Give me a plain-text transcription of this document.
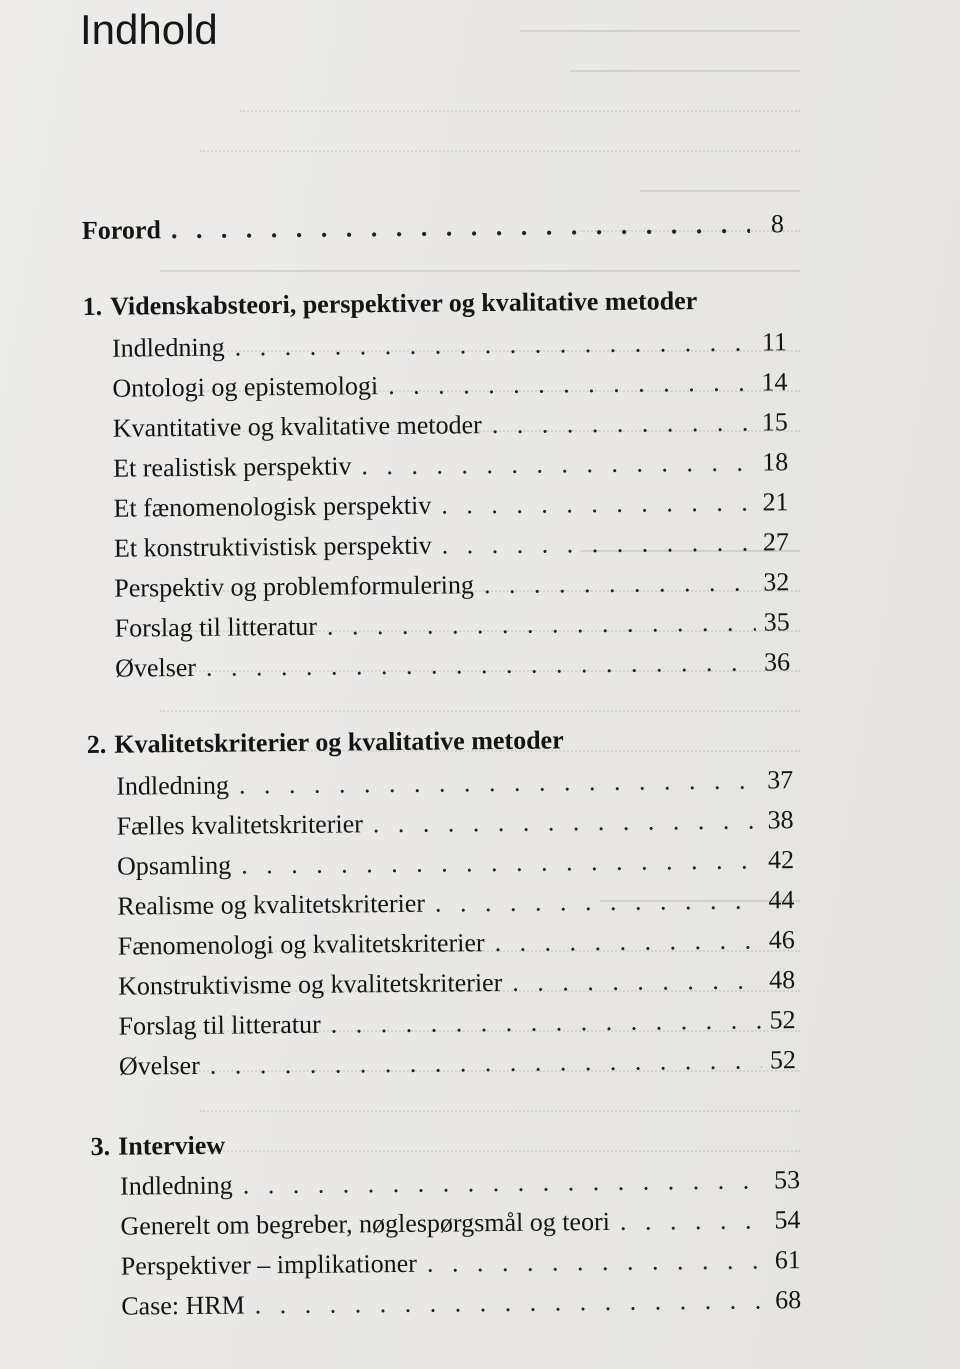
Indhold
Forord . . .	8
1. Videnskabsteori, perspektiver og kvalitative metoder
Indledning . . .	11
Ontologi og epistemologi . . .	14
Kvantitative og kvalitative metoder . . .	15
Et realistisk perspektiv . . .	18
Et fænomenologisk perspektiv . . .	21
Et konstruktivistisk perspektiv . . .	27
Perspektiv og problemformulering . . .	32
Forslag til litteratur . . .	35
Øvelser . . .	36
2. Kvalitetskriterier og kvalitative metoder
Indledning . . .	37
Fælles kvalitetskriterier . . .	38
Opsamling . . .	42
Realisme og kvalitetskriterier . . .	44
Fænomenologi og kvalitetskriterier . . .	46
Konstruktivisme og kvalitetskriterier . . .	48
Forslag til litteratur . . .	52
Øvelser . . .	52
3. Interview
Indledning . . .	53
Generelt om begreber, nøglespørgsmål og teori . . .	54
Perspektiver – implikationer . . .	61
Case: HRM . . .	68
